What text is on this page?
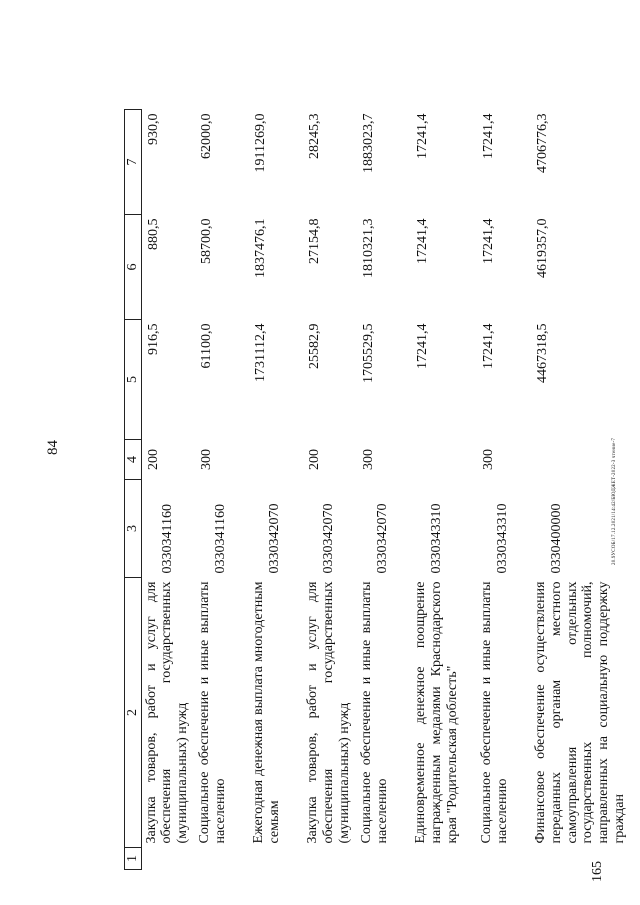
84
165
20.9УСОБ/17.12.2021/14:42/БЮДЖЕТ-2022-3 чтение-7
1	2	3	4	5	6	7
	Закупка товаров, работ и услуг для обеспечения государственных (муниципальных) нужд	0330341160	200	916,5	880,5	930,0
	Социальное обеспечение и иные выплаты населению	0330341160	300	61100,0	58700,0	62000,0
	Ежегодная денежная выплата многодетным семьям	0330342070		1731112,4	1837476,1	1911269,0
	Закупка товаров, работ и услуг для обеспечения государственных (муниципальных) нужд	0330342070	200	25582,9	27154,8	28245,3
	Социальное обеспечение и иные выплаты населению	0330342070	300	1705529,5	1810321,3	1883023,7
	Единовременное денежное поощрение награжденным медалями Краснодарского края "Родительская доблесть"	0330343310		17241,4	17241,4	17241,4
	Социальное обеспечение и иные выплаты населению	0330343310	300	17241,4	17241,4	17241,4
	Финансовое обеспечение осуществления переданных органам местного самоуправления отдельных государственных полномочий, направленных на социальную поддержку граждан	0330400000		4467318,5	4619357,0	4706776,3
